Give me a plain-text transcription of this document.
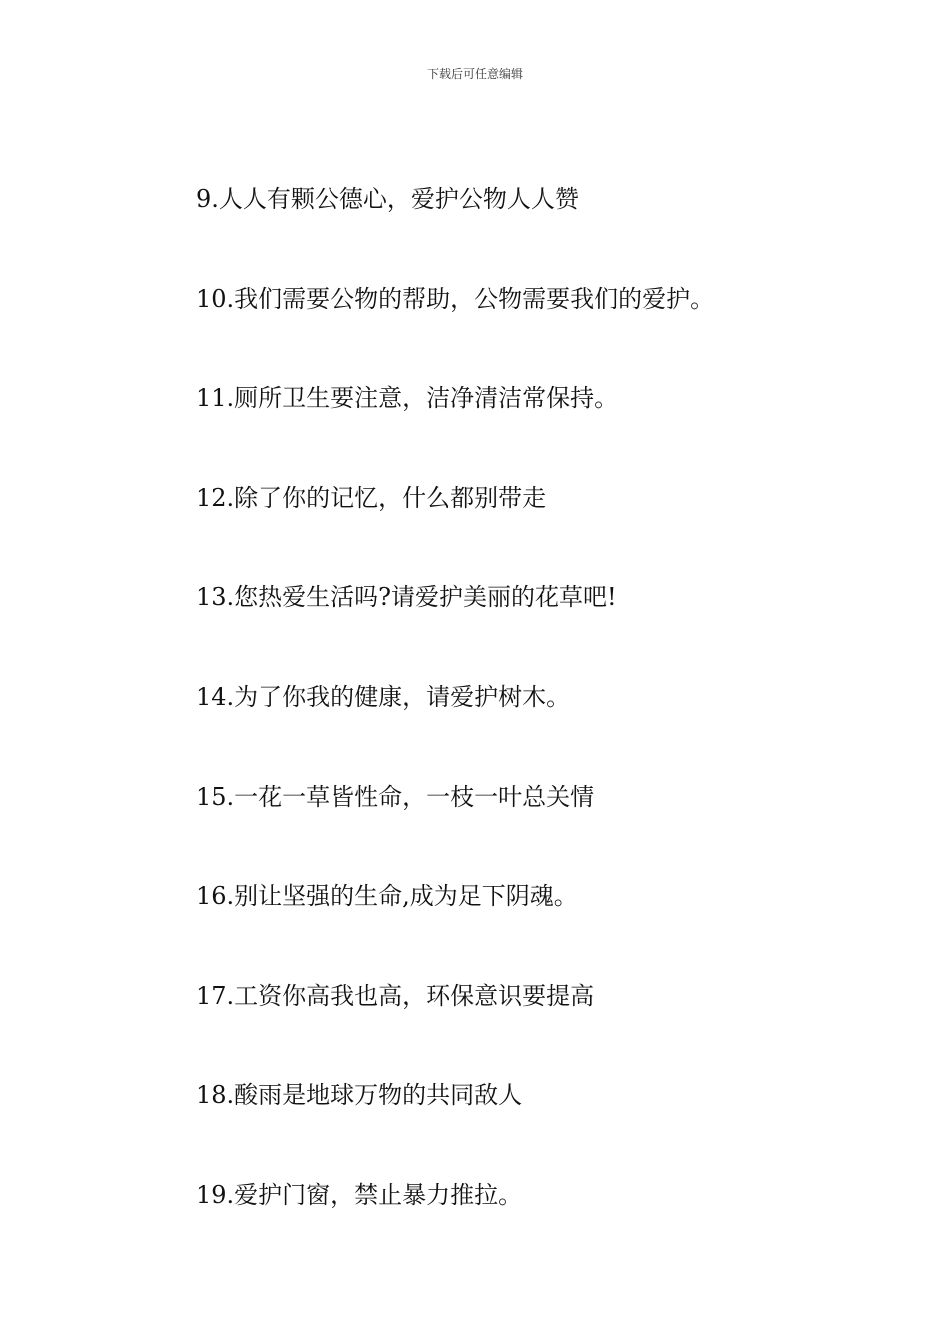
下载后可任意编辑
9.人人有颗公德心，爱护公物人人赞
10.我们需要公物的帮助，公物需要我们的爱护。
11.厕所卫生要注意，洁净清洁常保持。
12.除了你的记忆，什么都别带走
13.您热爱生活吗?请爱护美丽的花草吧!
14.为了你我的健康，请爱护树木。
15.一花一草皆性命，一枝一叶总关情
16.别让坚强的生命,成为足下阴魂。
17.工资你高我也高，环保意识要提高
18.酸雨是地球万物的共同敌人
19.爱护门窗，禁止暴力推拉。
